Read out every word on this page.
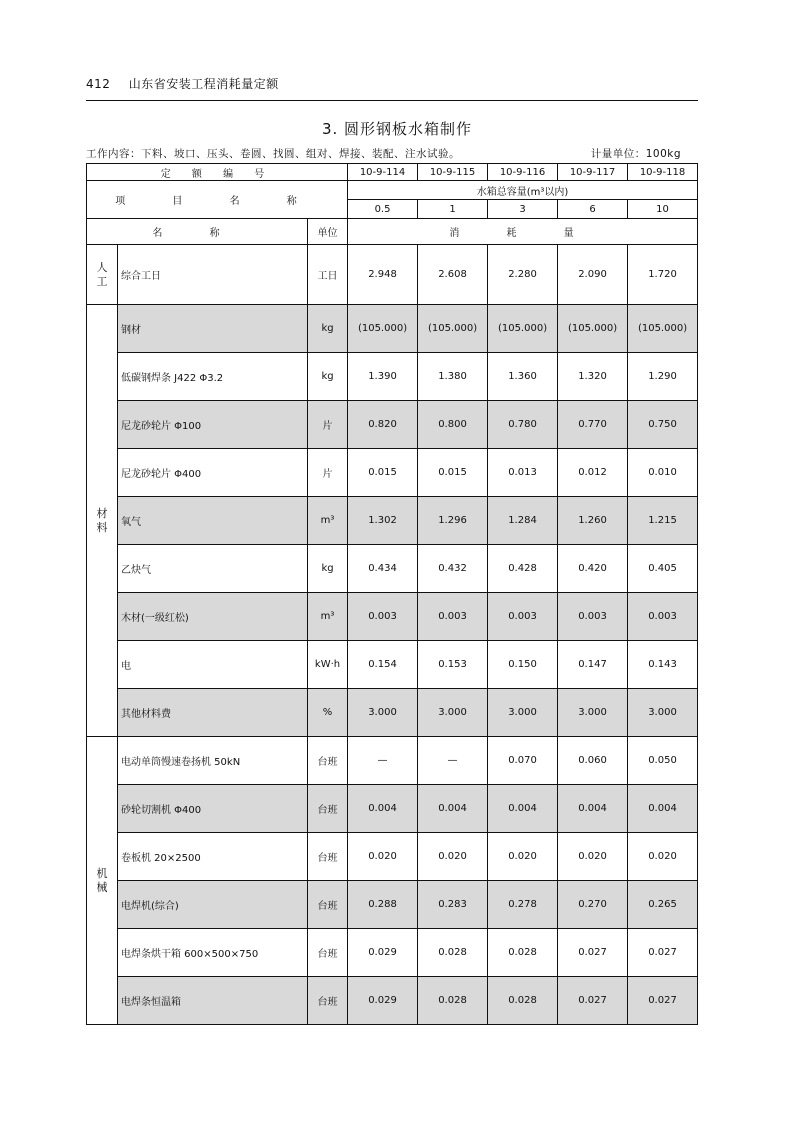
412 山东省安装工程消耗量定额
3. 圆形钢板水箱制作
工作内容：下料、坡口、压头、卷圆、找圆、组对、焊接、装配、注水试验。	计量单位：100kg
定 额 编 号			10-9-114	10-9-115	10-9-116	10-9-117	10-9-118
项 目 名 称			水箱总容量(m³以内)				
			0.5	1	3	6	10
名 称		单位	消 耗 量				

人
工	综合工日	工日	2.948	2.608	2.280	2.090	1.720

材
料	钢材	kg	(105.000)	(105.000)	(105.000)	(105.000)	(105.000)
	低碳钢焊条 J422 Φ3.2	kg	1.390	1.380	1.360	1.320	1.290
	尼龙砂轮片 Φ100	片	0.820	0.800	0.780	0.770	0.750
	尼龙砂轮片 Φ400	片	0.015	0.015	0.013	0.012	0.010
	氧气	m³	1.302	1.296	1.284	1.260	1.215
	乙炔气	kg	0.434	0.432	0.428	0.420	0.405
	木材(一级红松)	m³	0.003	0.003	0.003	0.003	0.003
	电	kW·h	0.154	0.153	0.150	0.147	0.143
	其他材料费	%	3.000	3.000	3.000	3.000	3.000

机
械	电动单筒慢速卷扬机 50kN	台班	—	—	0.070	0.060	0.050
	砂轮切割机 Φ400	台班	0.004	0.004	0.004	0.004	0.004
	卷板机 20×2500	台班	0.020	0.020	0.020	0.020	0.020
	电焊机(综合)	台班	0.288	0.283	0.278	0.270	0.265
	电焊条烘干箱 600×500×750	台班	0.029	0.028	0.028	0.027	0.027
	电焊条恒温箱	台班	0.029	0.028	0.028	0.027	0.027
